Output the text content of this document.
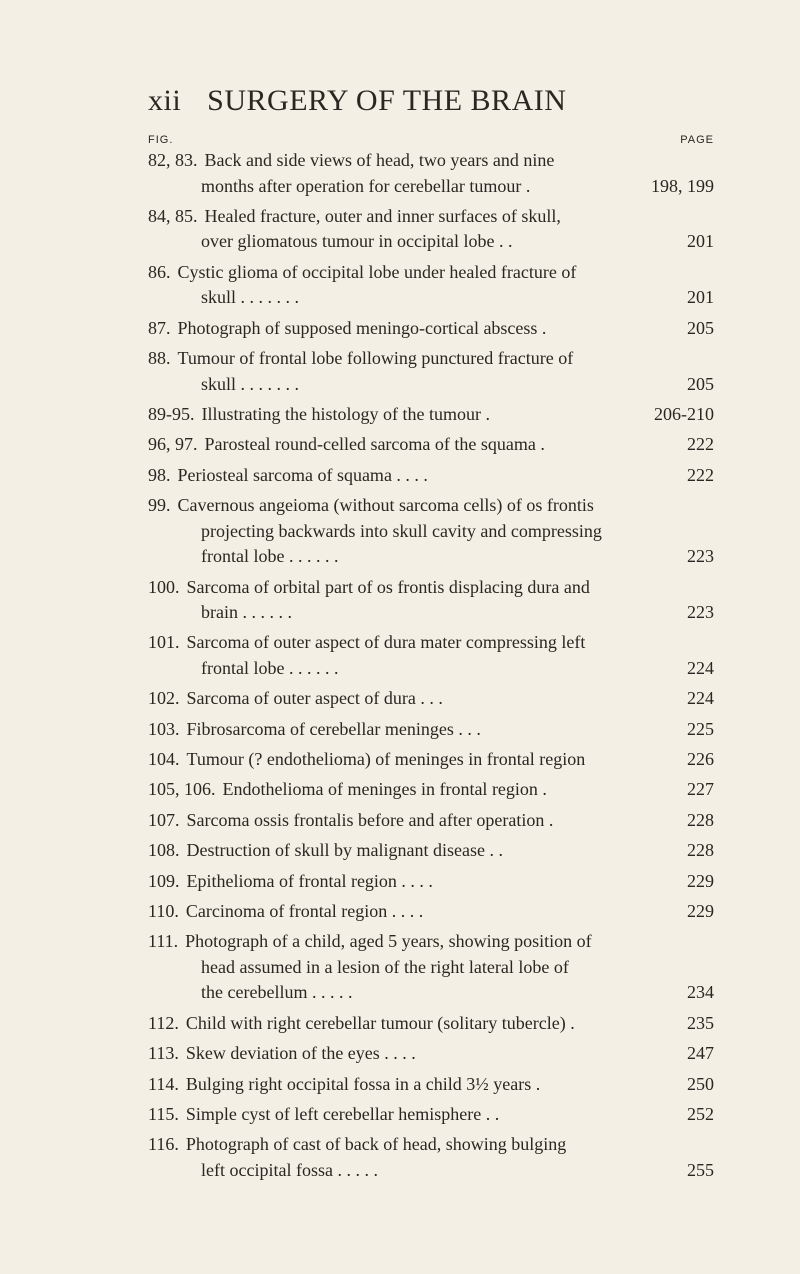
xii SURGERY OF THE BRAIN
FIG.	PAGE
82, 83. Back and side views of head, two years and nine
months after operation for cerebellar tumour .	198, 199
84, 85. Healed fracture, outer and inner surfaces of skull,
over gliomatous tumour in occipital lobe . .	201
86. Cystic glioma of occipital lobe under healed fracture of
skull . . . . . . .	201
87. Photograph of supposed meningo-cortical abscess .	205
88. Tumour of frontal lobe following punctured fracture of
skull . . . . . . .	205
89-95. Illustrating the histology of the tumour .	206-210
96, 97. Parosteal round-celled sarcoma of the squama .	222
98. Periosteal sarcoma of squama . . . .	222
99. Cavernous angeioma (without sarcoma cells) of os frontis
projecting backwards into skull cavity and compressing
frontal lobe . . . . . .	223
100. Sarcoma of orbital part of os frontis displacing dura and
brain . . . . . .	223
101. Sarcoma of outer aspect of dura mater compressing left
frontal lobe . . . . . .	224
102. Sarcoma of outer aspect of dura . . .	224
103. Fibrosarcoma of cerebellar meninges . . .	225
104. Tumour (? endothelioma) of meninges in frontal region	226
105, 106. Endothelioma of meninges in frontal region .	227
107. Sarcoma ossis frontalis before and after operation .	228
108. Destruction of skull by malignant disease . .	228
109. Epithelioma of frontal region . . . .	229
110. Carcinoma of frontal region . . . .	229
111. Photograph of a child, aged 5 years, showing position of
head assumed in a lesion of the right lateral lobe of
the cerebellum . . . . .	234
112. Child with right cerebellar tumour (solitary tubercle) .	235
113. Skew deviation of the eyes . . . .	247
114. Bulging right occipital fossa in a child 3½ years .	250
115. Simple cyst of left cerebellar hemisphere . .	252
116. Photograph of cast of back of head, showing bulging
left occipital fossa . . . . .	255
